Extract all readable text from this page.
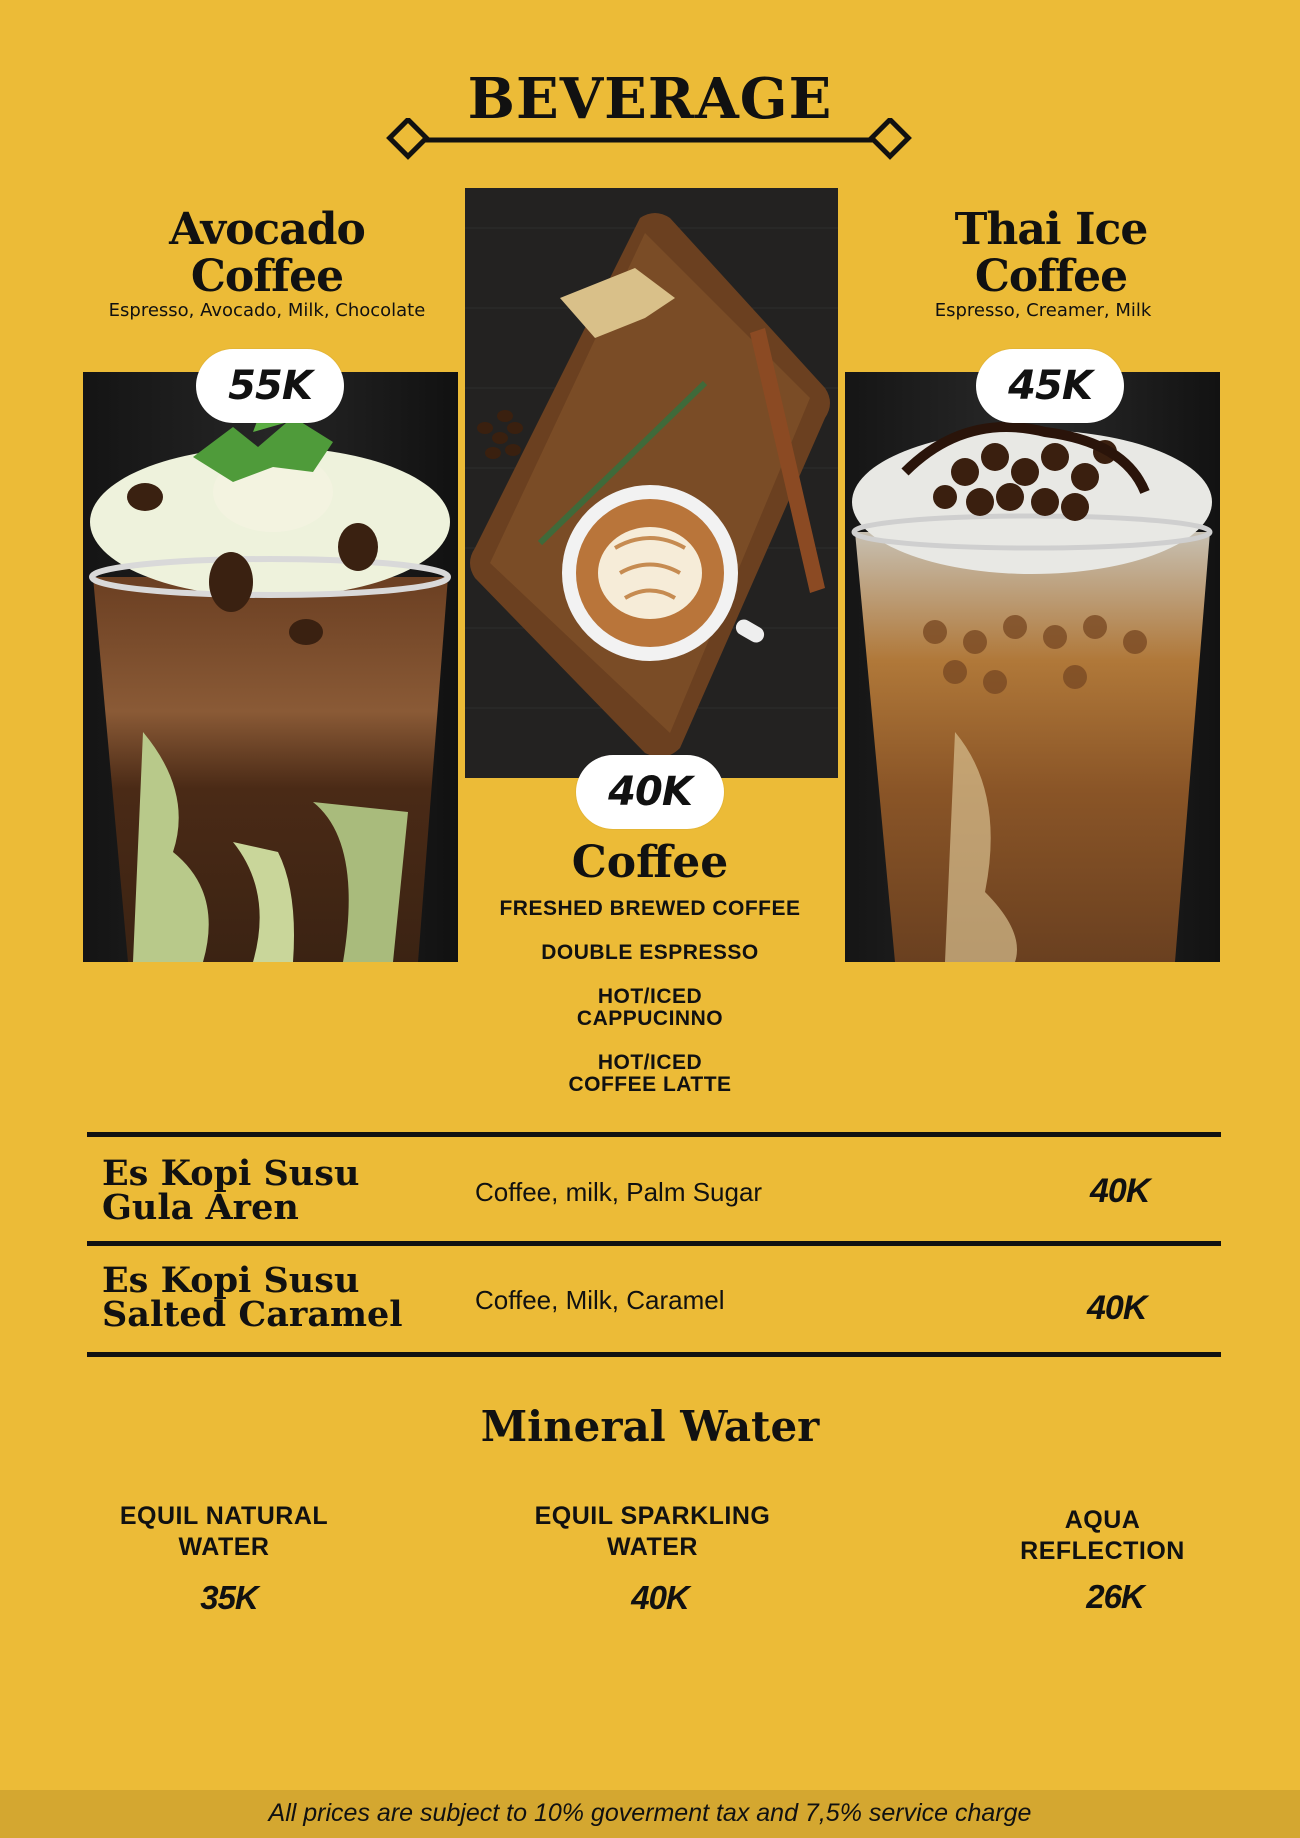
BEVERAGE
Avocado
Coffee
Espresso, Avocado, Milk, Chocolate
55K
40K
Coffee
FRESHED BREWED COFFEE
DOUBLE ESPRESSO
HOT/ICED
CAPPUCINNO
HOT/ICED
COFFEE LATTE
Thai Ice
Coffee
Espresso, Creamer, Milk
45K
Es Kopi Susu
Gula Aren	Coffee, milk, Palm Sugar	40K
Es Kopi Susu
Salted Caramel	Coffee, Milk, Caramel	40K
Mineral Water
EQUIL NATURAL
WATER
35K
EQUIL SPARKLING
WATER
40K
AQUA
REFLECTION
26K
All prices are subject to 10% goverment tax and 7,5% service charge
